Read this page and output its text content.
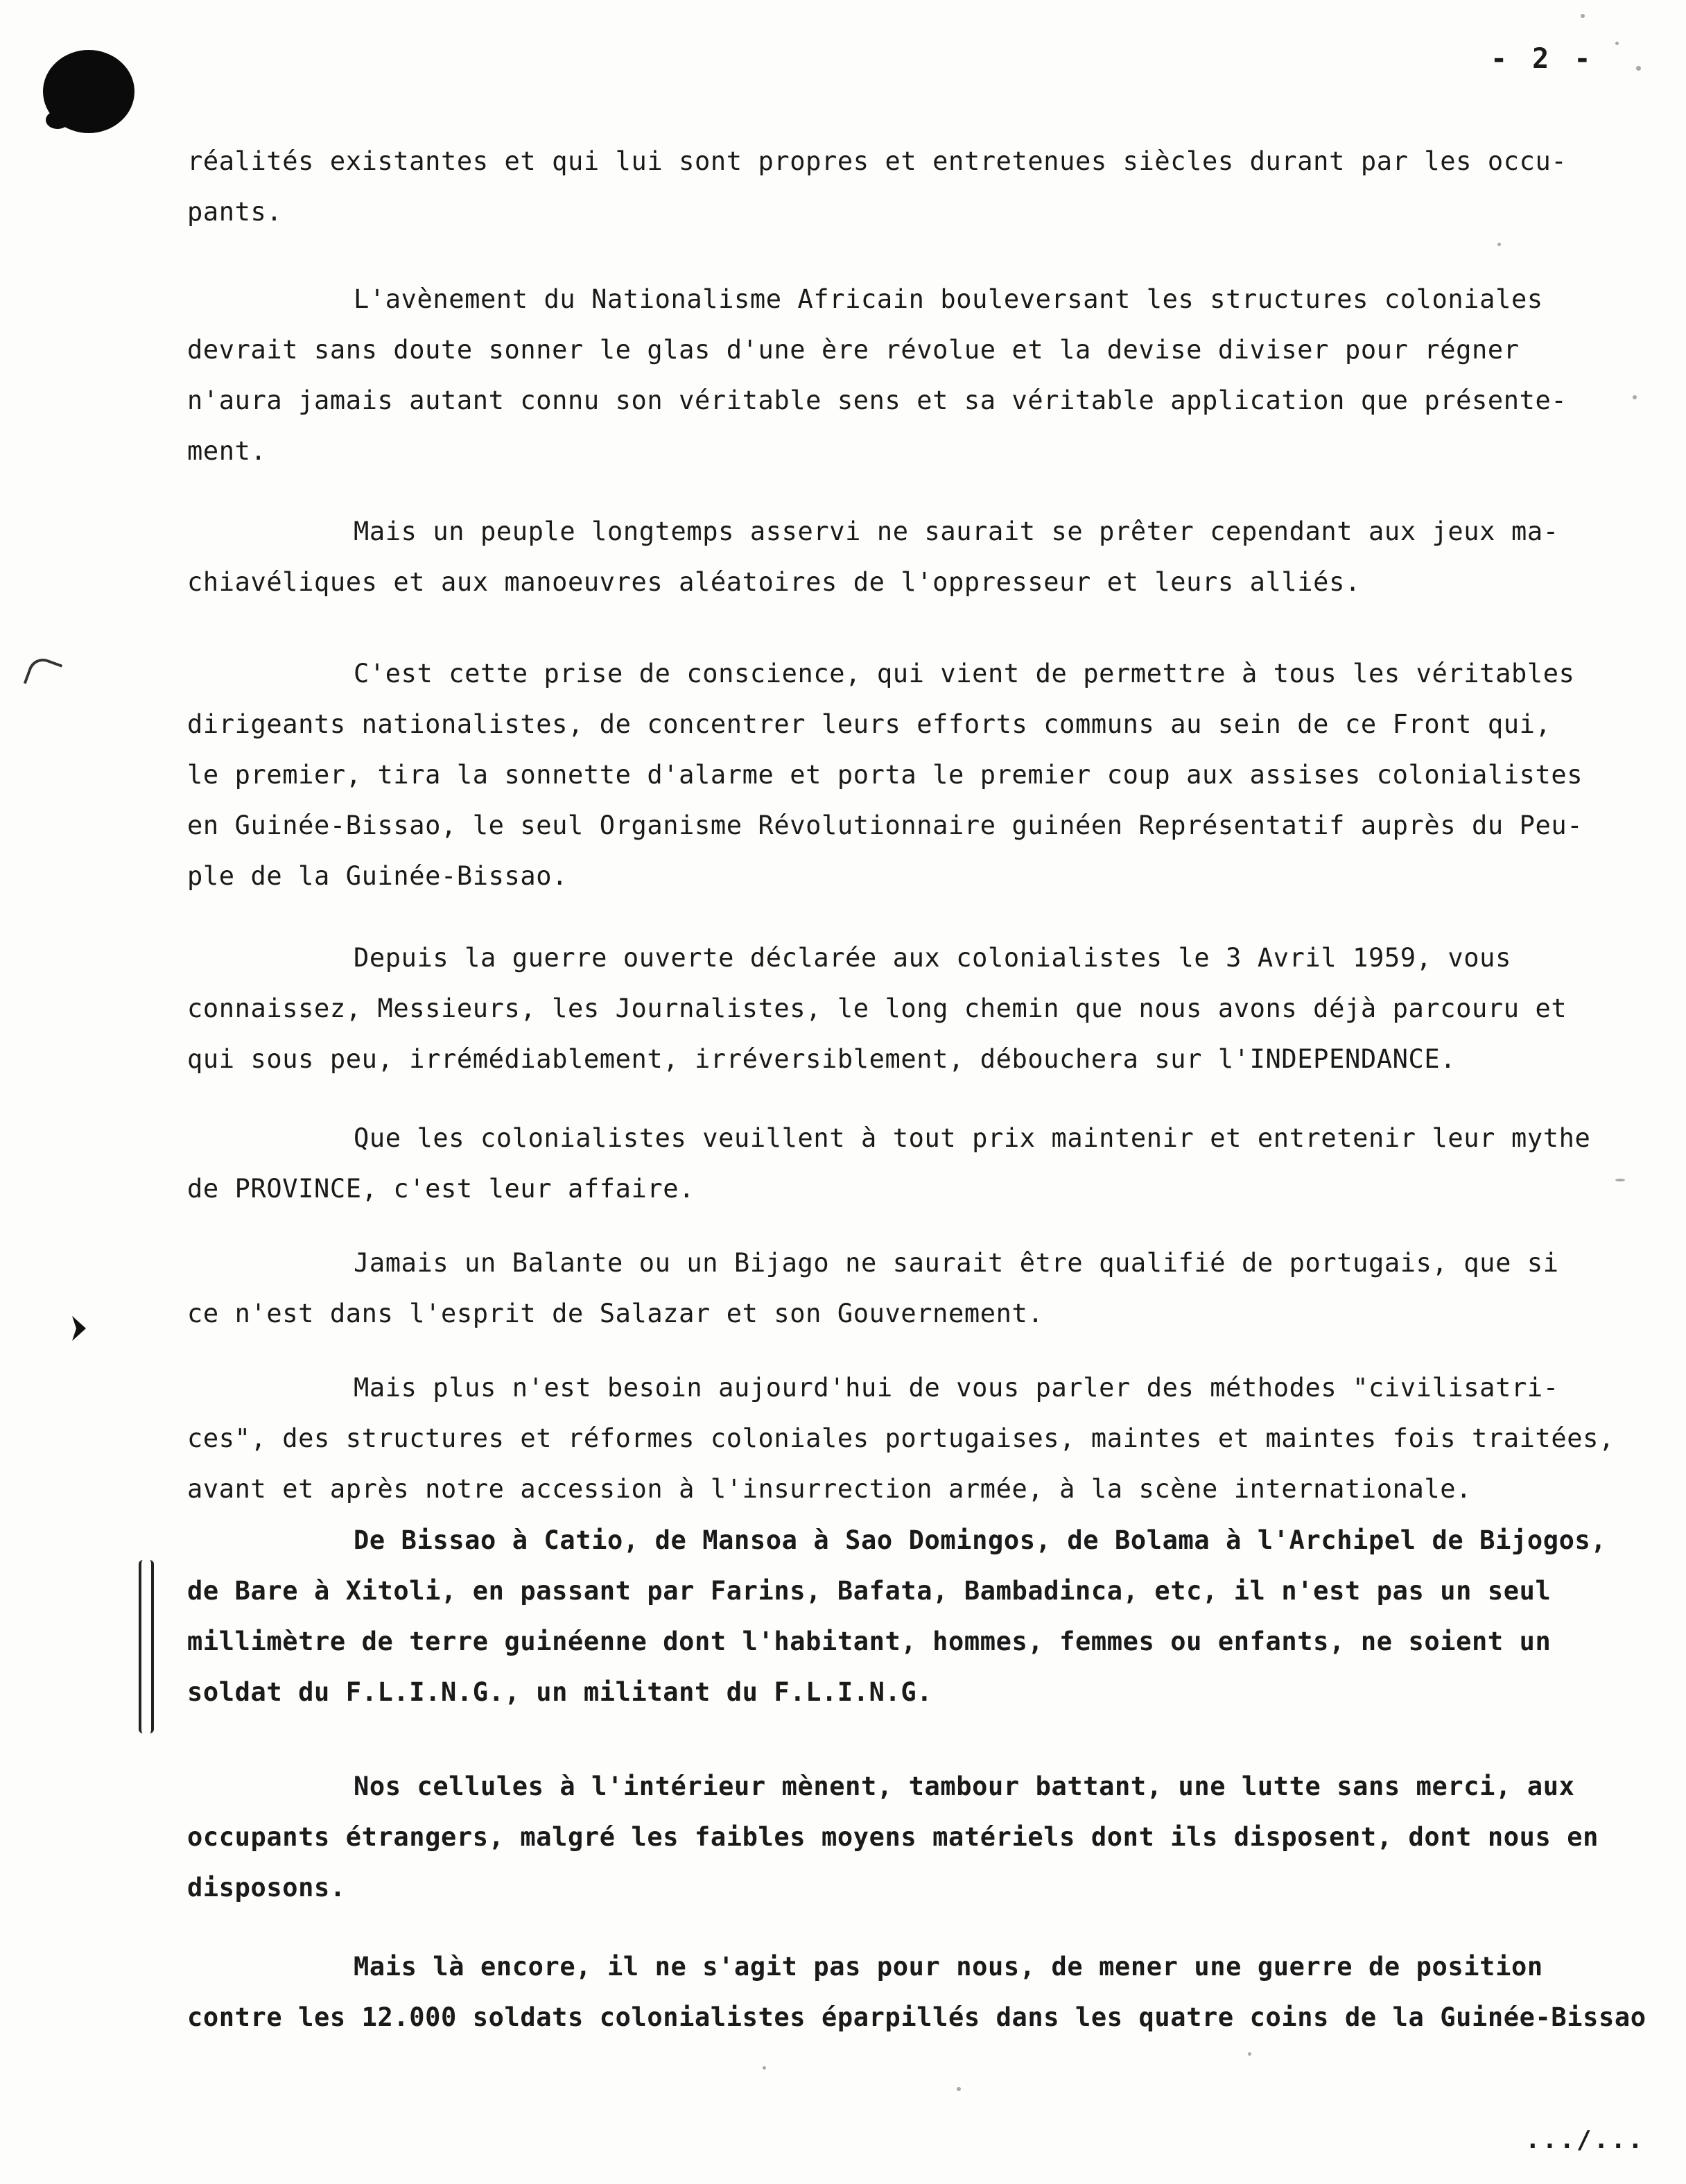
- 2 -
réalités existantes et qui lui sont propres et entretenues siècles durant par les occu-
pants.
L'avènement du Nationalisme Africain bouleversant les structures coloniales
devrait sans doute sonner le glas d'une ère révolue et la devise diviser pour régner
n'aura jamais autant connu son véritable sens et sa véritable application que présente-
ment.
Mais un peuple longtemps asservi ne saurait se prêter cependant aux jeux ma-
chiavéliques et aux manoeuvres aléatoires de l'oppresseur et leurs alliés.
C'est cette prise de conscience, qui vient de permettre à tous les véritables
dirigeants nationalistes, de concentrer leurs efforts communs au sein de ce Front qui,
le premier, tira la sonnette d'alarme et porta le premier coup aux assises colonialistes
en Guinée-Bissao, le seul Organisme Révolutionnaire guinéen Représentatif auprès du Peu-
ple de la Guinée-Bissao.
Depuis la guerre ouverte déclarée aux colonialistes le 3 Avril 1959, vous
connaissez, Messieurs, les Journalistes, le long chemin que nous avons déjà parcouru et
qui sous peu, irrémédiablement, irréversiblement, débouchera sur l'INDEPENDANCE.
Que les colonialistes veuillent à tout prix maintenir et entretenir leur mythe
de PROVINCE, c'est leur affaire.
Jamais un Balante ou un Bijago ne saurait être qualifié de portugais, que si
ce n'est dans l'esprit de Salazar et son Gouvernement.
Mais plus n'est besoin aujourd'hui de vous parler des méthodes "civilisatri-
ces", des structures et réformes coloniales portugaises, maintes et maintes fois traitées,
avant et après notre accession à l'insurrection armée, à la scène internationale.
De Bissao à Catio, de Mansoa à Sao Domingos, de Bolama à l'Archipel de Bijogos,
de Bare à Xitoli, en passant par Farins, Bafata, Bambadinca, etc, il n'est pas un seul
millimètre de terre guinéenne dont l'habitant, hommes, femmes ou enfants, ne soient un
soldat du F.L.I.N.G., un militant du F.L.I.N.G.
Nos cellules à l'intérieur mènent, tambour battant, une lutte sans merci, aux
occupants étrangers, malgré les faibles moyens matériels dont ils disposent, dont nous en
disposons.
Mais là encore, il ne s'agit pas pour nous, de mener une guerre de position
contre les 12.000 soldats colonialistes éparpillés dans les quatre coins de la Guinée-Bissao
.../...
